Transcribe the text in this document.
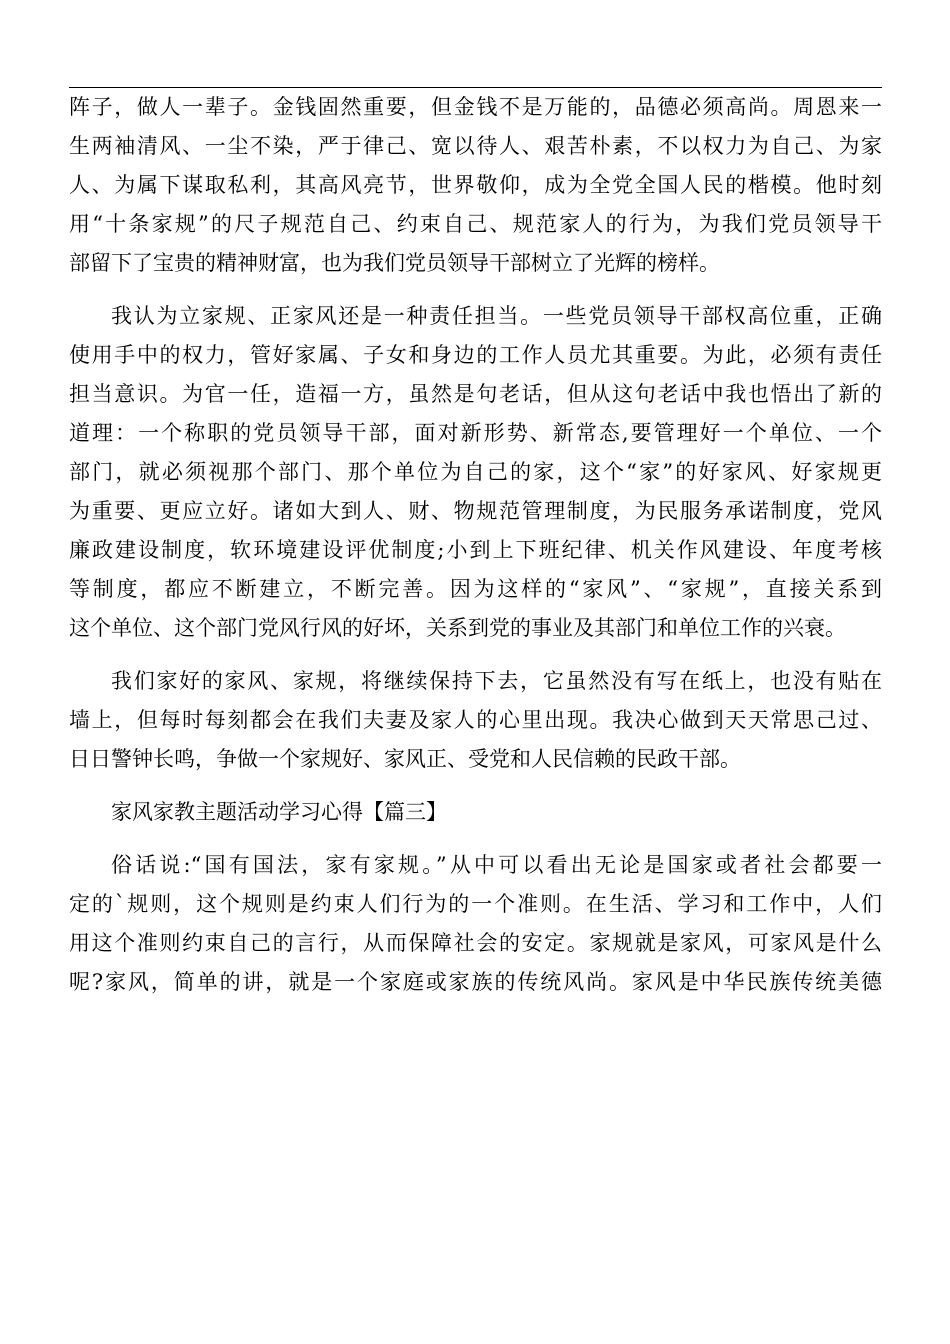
阵子，做人一辈子。金钱固然重要，但金钱不是万能的，品德必须高尚。周恩来一
生两袖清风、一尘不染，严于律己、宽以待人、艰苦朴素，不以权力为自己、为家
人、为属下谋取私利，其高风亮节，世界敬仰，成为全党全国人民的楷模。他时刻
用“十条家规”的尺子规范自己、约束自己、规范家人的行为，为我们党员领导干
部留下了宝贵的精神财富，也为我们党员领导干部树立了光辉的榜样。
我认为立家规、正家风还是一种责任担当。一些党员领导干部权高位重，正确
使用手中的权力，管好家属、子女和身边的工作人员尤其重要。为此，必须有责任
担当意识。为官一任，造福一方，虽然是句老话，但从这句老话中我也悟出了新的
道理：一个称职的党员领导干部，面对新形势、新常态,要管理好一个单位、一个
部门，就必须视那个部门、那个单位为自己的家，这个“家”的好家风、好家规更
为重要、更应立好。诸如大到人、财、物规范管理制度，为民服务承诺制度，党风
廉政建设制度，软环境建设评优制度;小到上下班纪律、机关作风建设、年度考核
等制度，都应不断建立，不断完善。因为这样的“家风”、“家规”，直接关系到
这个单位、这个部门党风行风的好坏，关系到党的事业及其部门和单位工作的兴衰。
我们家好的家风、家规，将继续保持下去，它虽然没有写在纸上，也没有贴在
墙上，但每时每刻都会在我们夫妻及家人的心里出现。我决心做到天天常思己过、
日日警钟长鸣，争做一个家规好、家风正、受党和人民信赖的民政干部。
家风家教主题活动学习心得【篇三】
俗话说:“国有国法，家有家规。”从中可以看出无论是国家或者社会都要一
定的`规则，这个规则是约束人们行为的一个准则。在生活、学习和工作中，人们
用这个准则约束自己的言行，从而保障社会的安定。家规就是家风，可家风是什么
呢?家风，简单的讲，就是一个家庭或家族的传统风尚。家风是中华民族传统美德
